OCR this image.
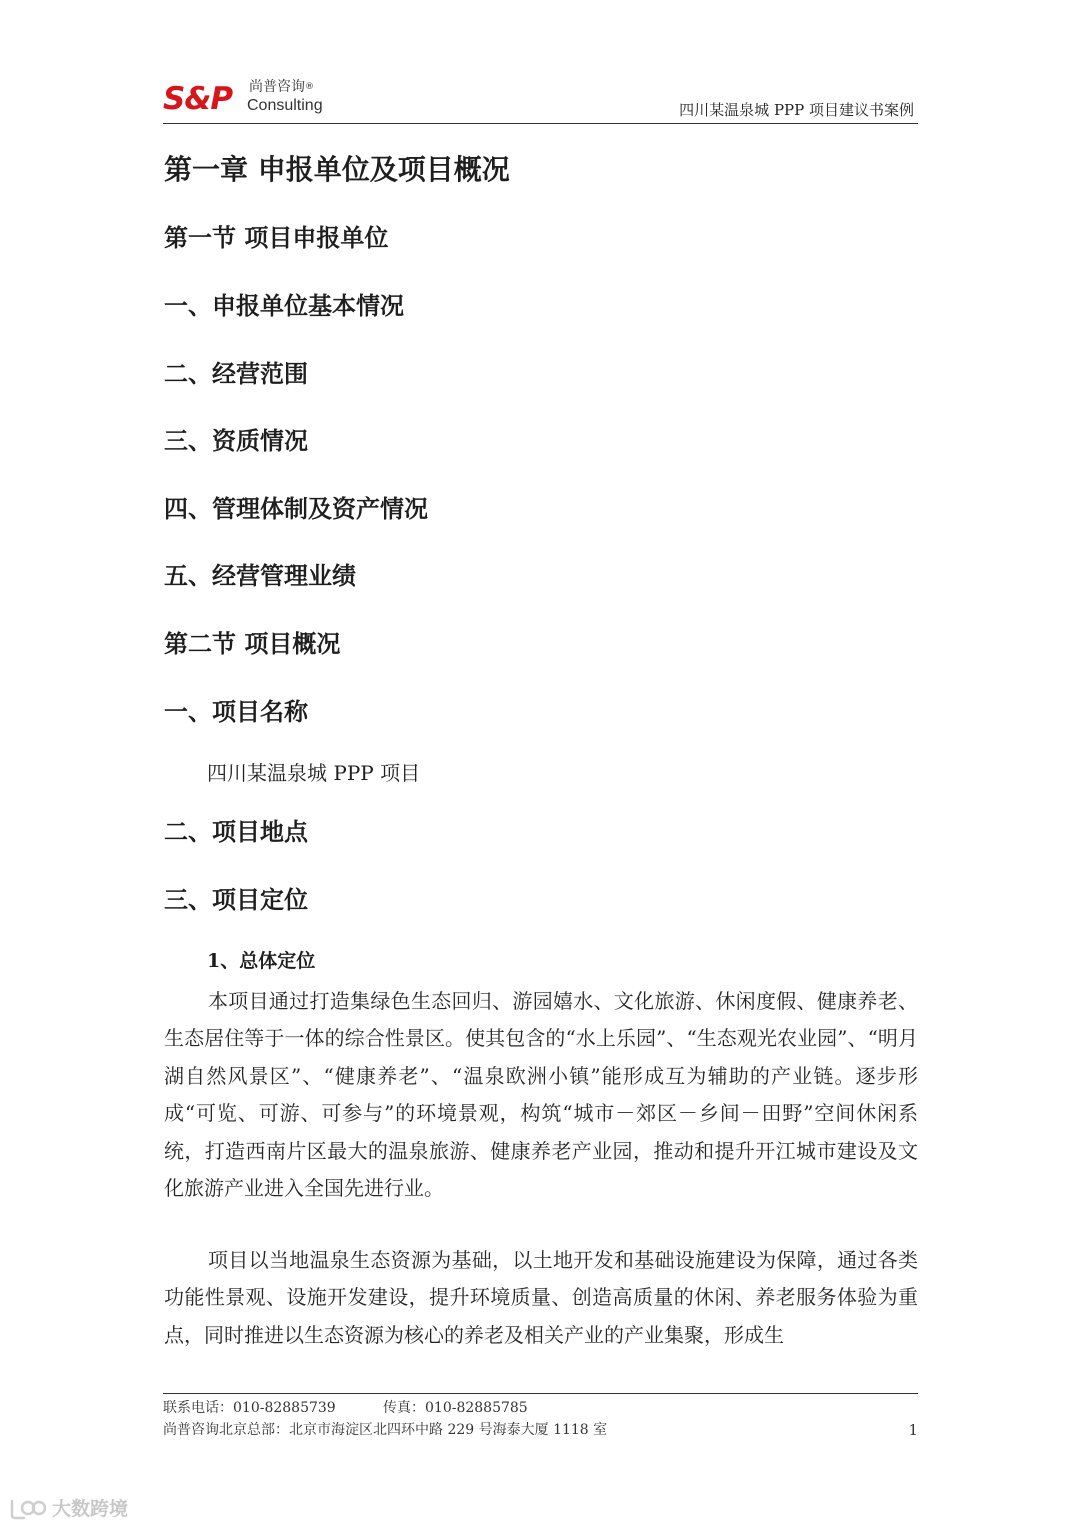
S&P 尚普咨询®
Consulting	四川某温泉城 PPP 项目建议书案例
第一章 申报单位及项目概况
第一节 项目申报单位
一、申报单位基本情况
二、经营范围
三、资质情况
四、管理体制及资产情况
五、经营管理业绩
第二节 项目概况
一、项目名称
四川某温泉城 PPP 项目
二、项目地点
三、项目定位
1、总体定位

本项目通过打造集绿色生态回归、游园嬉水、文化旅游、休闲度假、健康养老、生态居住等于一体的综合性景区。使其包含的“水上乐园”、“生态观光农业园”、“明月湖自然风景区”、“健康养老”、“温泉欧洲小镇”能形成互为辅助的产业链。逐步形成“可览、可游、可参与”的环境景观，构筑“城市－郊区－乡间－田野”空间休闲系统，打造西南片区最大的温泉旅游、健康养老产业园，推动和提升开江城市建设及文化旅游产业进入全国先进行业。

项目以当地温泉生态资源为基础，以土地开发和基础设施建设为保障，通过各类功能性景观、设施开发建设，提升环境质量、创造高质量的休闲、养老服务体验为重点，同时推进以生态资源为核心的养老及相关产业的产业集聚，形成生

联系电话：010-82885739	传真：010-82885785
尚普咨询北京总部：北京市海淀区北四环中路 229 号海泰大厦 1118 室	1
大数跨境
